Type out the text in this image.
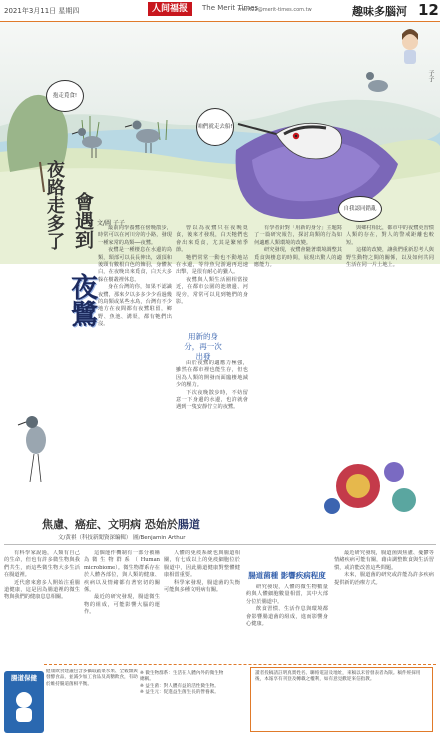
2021年3月11日 星期四	人间福报	The Merit Times
merit22@merit-times.com.tw	趣味多腦河 12
抱走覓食!
咱們就走去船!
自我認同錯亂
子子
夜路走多了 會遇到
夜鷺
文/圖 子子
最前同學養鷺在傍晚散步，時常可以在河川旁的小路，發現一種家常的鳥類──夜鷺。
夜鷺是一種棲息在水邊的鳥類，頸部可以長長伸出，頭頂和後頸有數根白色的飾羽，身體灰白，在夜晚出來覓食，白天大多躲在樹叢裡休息。
身在台灣的你，如果不認識夜鷺，那來夕以多多少少看過幾的鳥類或某些水鳥，台灣有不少地方在夜間都有夜鷺駐留，鄉野、魚池、溝渠，都有牠們出沒。
曾以為夜鷺只在夜晚覓食，後來才發現，白天牠們也會出來覓食，尤其是繁殖季節。
牠們常常一動也不動地站在水邊，等待魚兒游過再迅速出擊，是很有耐心的獵人。
夜鷺與人類生活圈相當接近，在都市公園的池塘邊、河堤旁，常常可以見到牠們的身影。
用新的身分，再一次出發
由於夜鷺的適應力極強，雖然在都市裡也能生存，但也因為人類的開發而面臨棲地減少的壓力。
下次夜晚散步時，不妨留意一下身邊的水邊，也許就會遇到一隻安靜佇立的夜鷺。
有學者針對「用新的身分」主題寫了一篇研究報告，探討鳥類的行為如何適應人類環境的改變。
研究發現，夜鷺會隨著環境調整其覓食與棲息的時間，展現出驚人的適應能力。
與鄉村相比，都市中的夜鷺更習慣人類的存在，對人的警戒距離也較短。
這樣的改變，讓我們重新思考人與野生動物之間的關係，以及如何共同生活在同一片土地上。
焦慮、癌症、文明病 恐始於腸道
文/黃祺（科技新聞資深編輯） 圖/Benjamin Arthur
有科學家說過，人類有自己的生命，但也有許多微生物與我們共生，而這些微生物大多生活在腸道裡。
近代愈來愈多人開始注重腸道健康，這是因為腸道裡的微生物與我們的健康息息相關。
這個運作機制有一部分被稱為微生物群系（Human microbiome）。微生物群系存在於人體各部位，與人類的健康、疾病以及情緒都有著密切的關係。
最近的研究發現，腸道微生物的組成，可能影響大腦的運作。
人體的免疫系統也與腸道相關，有七成以上的免疫細胞位於腸道中，因此腸道健康對整體健康相當重要。
科學家發現，腸道菌的失衡可能與多種文明病有關。
腸道菌種 影響疾病程度
研究發現，人體的微生物數量約與人體細胞數量相當，其中大部分位於腸道中。
飲食習慣、生活作息與環境都會影響腸道菌的組成，進而影響身心健康。
最近研究發現，腸道菌與焦慮、憂鬱等情緒疾病可能有關，藉由調整飲食與生活習慣，或許能改善這些問題。
未來，腸道菌的研究或許能為許多疾病提供新的治療方式。
腸道保健
健康飲食建議包含多攝取蔬菜水果、全穀類與發酵食品，並減少加工食品及高糖飲食，有助於維持腸道菌相平衡。
※ 微生物群系：生活在人體內外的微生物總稱。
※ 益生菌：對人體有益的活性微生物。
※ 益生元：促進益生菌生長的營養素。
讀者投稿請註明真實姓名、聯絡電話及地址，來稿以未曾發表者為限。稿件經採用後，本報享有刊登及轉載之權利，如有意見歡迎來信指教。
